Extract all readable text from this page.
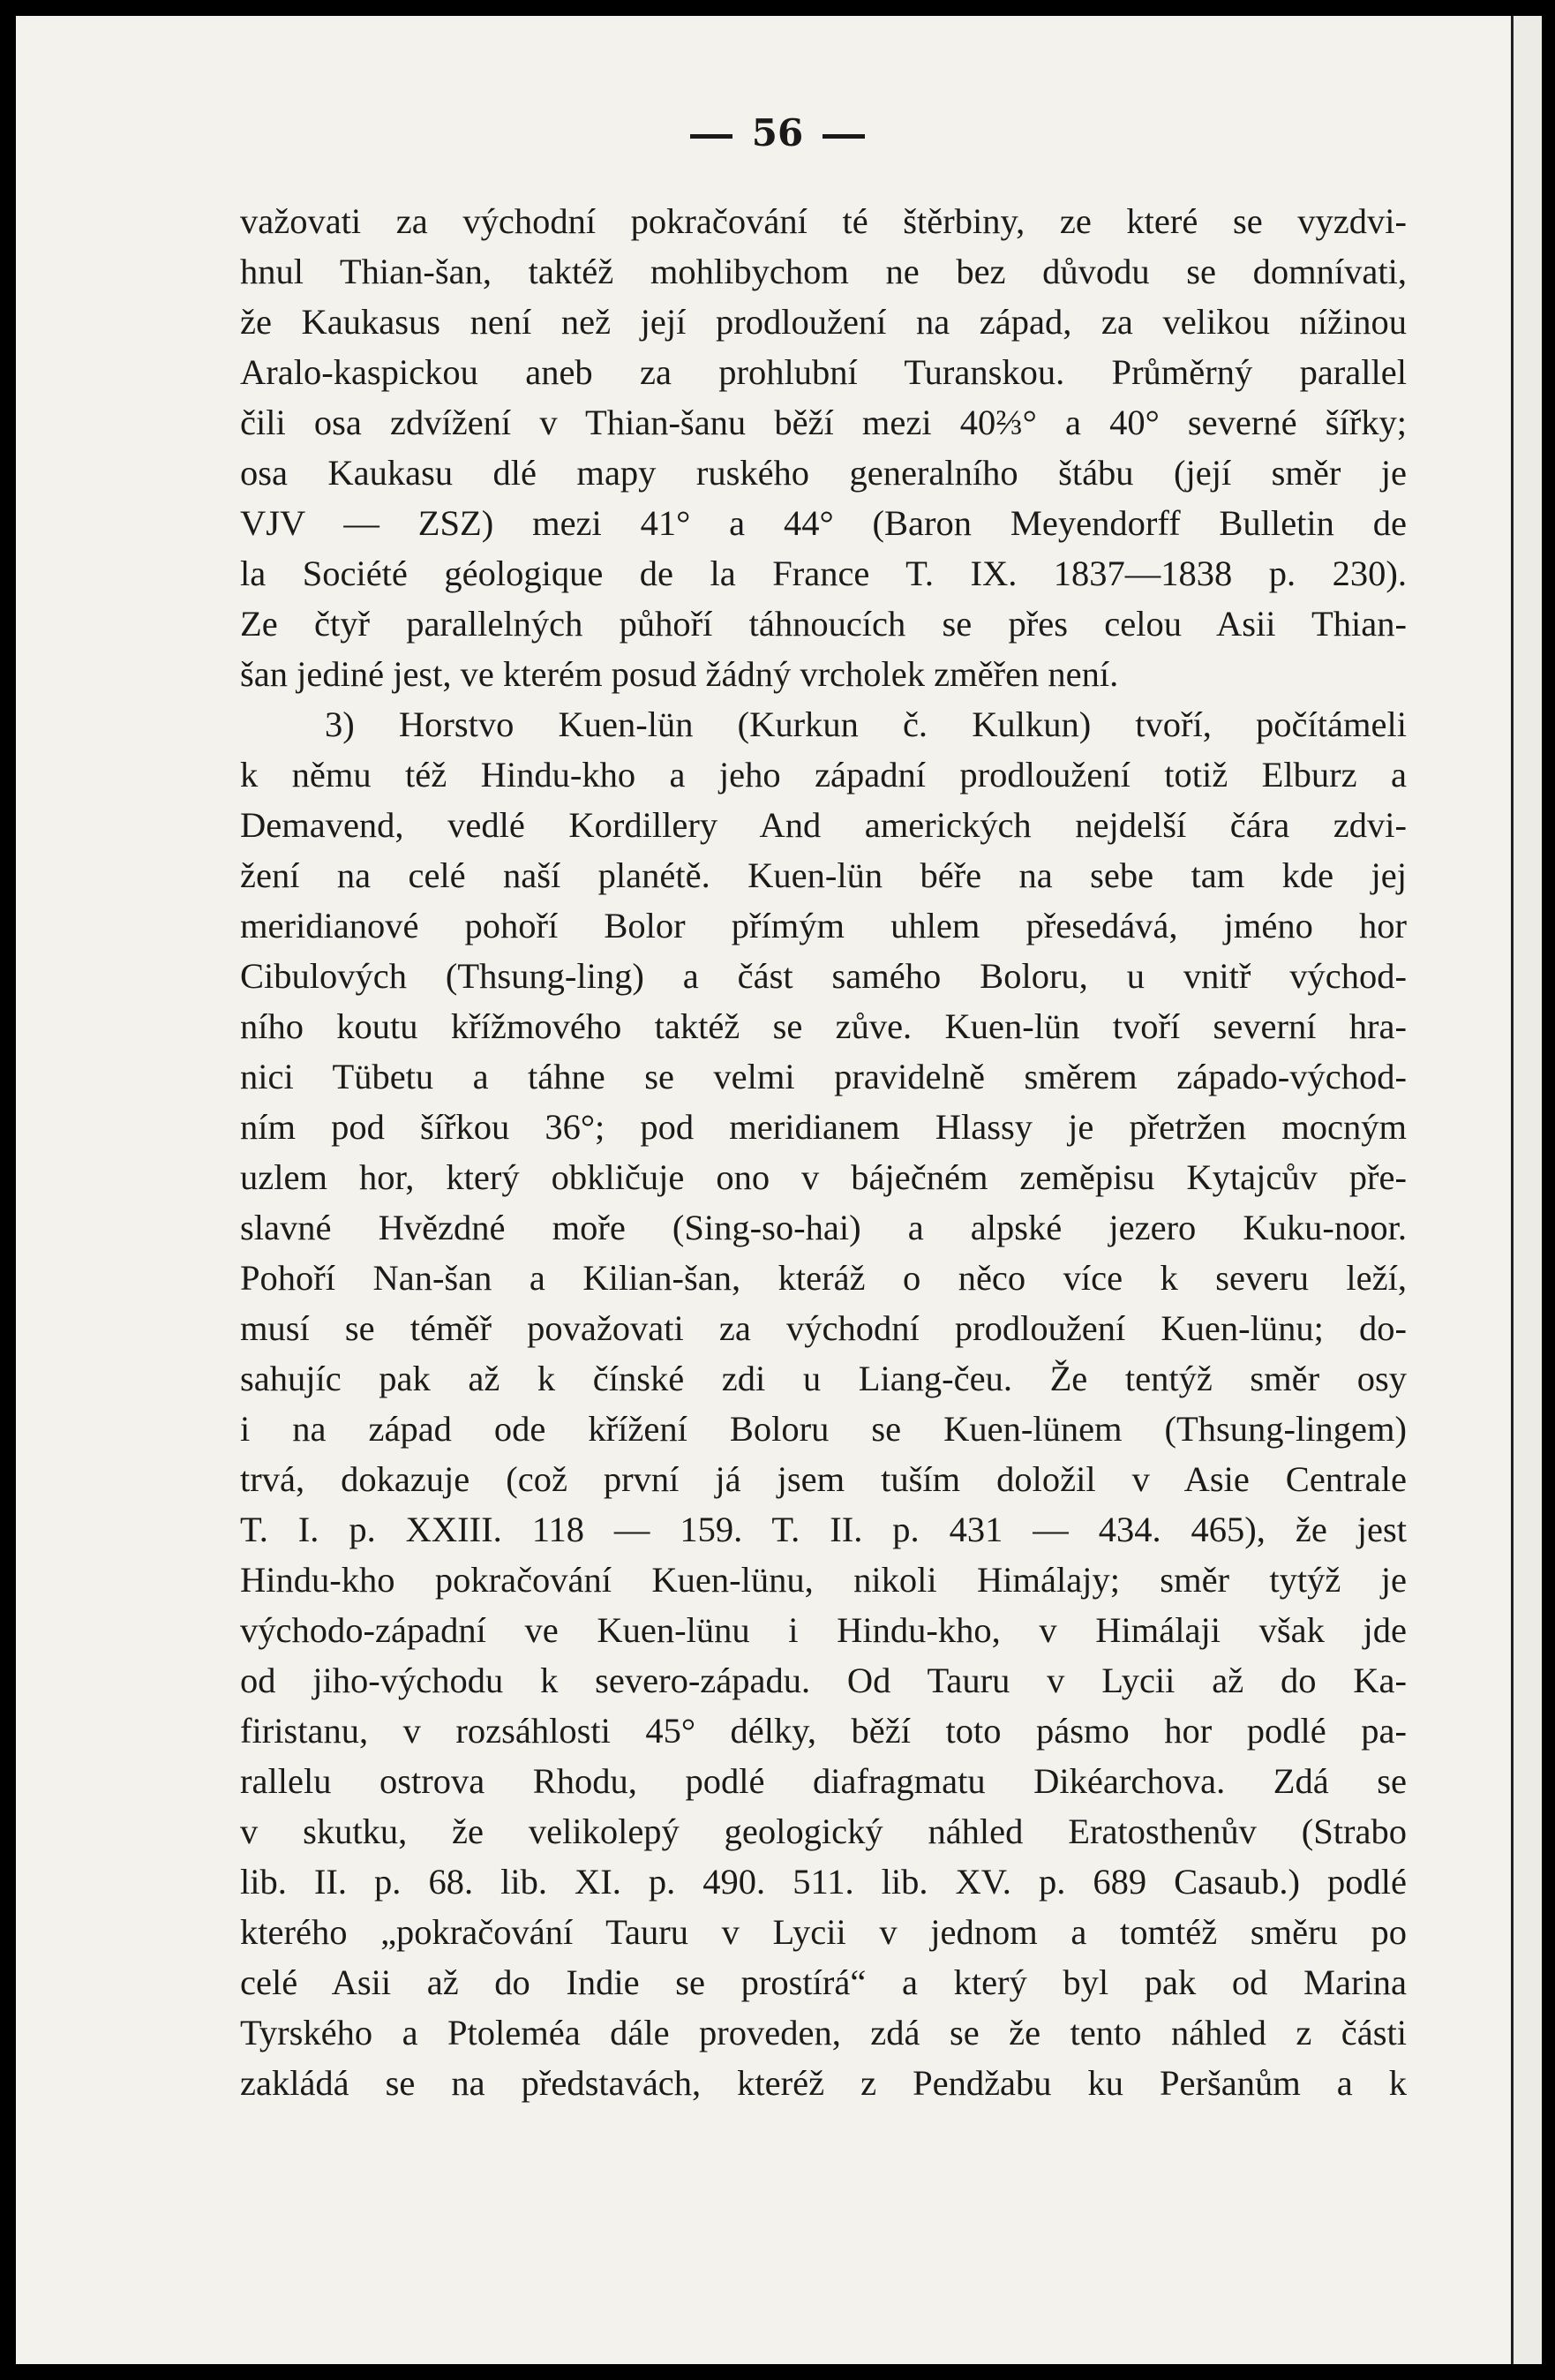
56
važovati za východní pokračování té štěrbiny, ze které se vyzdvi-
hnul Thian-šan, taktéž mohlibychom ne bez důvodu se domnívati,
že Kaukasus není než její prodloužení na západ, za velikou nížinou
Aralo-kaspickou aneb za prohlubní Turanskou. Průměrný parallel
čili osa zdvížení v Thian-šanu běží mezi 40⅔° a 40° severné šířky;
osa Kaukasu dlé mapy ruského generalního štábu (její směr je
VJV — ZSZ) mezi 41° a 44° (Baron Meyendorff Bulletin de
la Société géologique de la France T. IX. 1837—1838 p. 230).
Ze čtyř parallelných půhoří táhnoucích se přes celou Asii Thian-
šan jediné jest, ve kterém posud žádný vrcholek změřen není.
3) Horstvo Kuen-lün (Kurkun č. Kulkun) tvoří, počítámeli
k němu též Hindu-kho a jeho západní prodloužení totiž Elburz a
Demavend, vedlé Kordillery And amerických nejdelší čára zdvi-
žení na celé naší planétě. Kuen-lün béře na sebe tam kde jej
meridianové pohoří Bolor přímým uhlem přesedává, jméno hor
Cibulových (Thsung-ling) a část samého Boloru, u vnitř východ-
ního koutu křížmového taktéž se zůve. Kuen-lün tvoří severní hra-
nici Tübetu a táhne se velmi pravidelně směrem západo-východ-
ním pod šířkou 36°; pod meridianem Hlassy je přetržen mocným
uzlem hor, který obkličuje ono v báječném zeměpisu Kytajcův pře-
slavné Hvězdné moře (Sing-so-hai) a alpské jezero Kuku-noor.
Pohoří Nan-šan a Kilian-šan, kteráž o něco více k severu leží,
musí se téměř považovati za východní prodloužení Kuen-lünu; do-
sahujíc pak až k čínské zdi u Liang-čeu. Že tentýž směr osy
i na západ ode křížení Boloru se Kuen-lünem (Thsung-lingem)
trvá, dokazuje (což první já jsem tuším doložil v Asie Centrale
T. I. p. XXIII. 118 — 159. T. II. p. 431 — 434. 465), že jest
Hindu-kho pokračování Kuen-lünu, nikoli Himálajy; směr tytýž je
východo-západní ve Kuen-lünu i Hindu-kho, v Himálaji však jde
od jiho-východu k severo-západu. Od Tauru v Lycii až do Ka-
firistanu, v rozsáhlosti 45° délky, běží toto pásmo hor podlé pa-
rallelu ostrova Rhodu, podlé diafragmatu Dikéarchova. Zdá se
v skutku, že velikolepý geologický náhled Eratosthenův (Strabo
lib. II. p. 68. lib. XI. p. 490. 511. lib. XV. p. 689 Casaub.) podlé
kterého „pokračování Tauru v Lycii v jednom a tomtéž směru po
celé Asii až do Indie se prostírá“ a který byl pak od Marina
Tyrského a Ptoleméa dále proveden, zdá se že tento náhled z části
zakládá se na představách, kteréž z Pendžabu ku Peršanům a k
